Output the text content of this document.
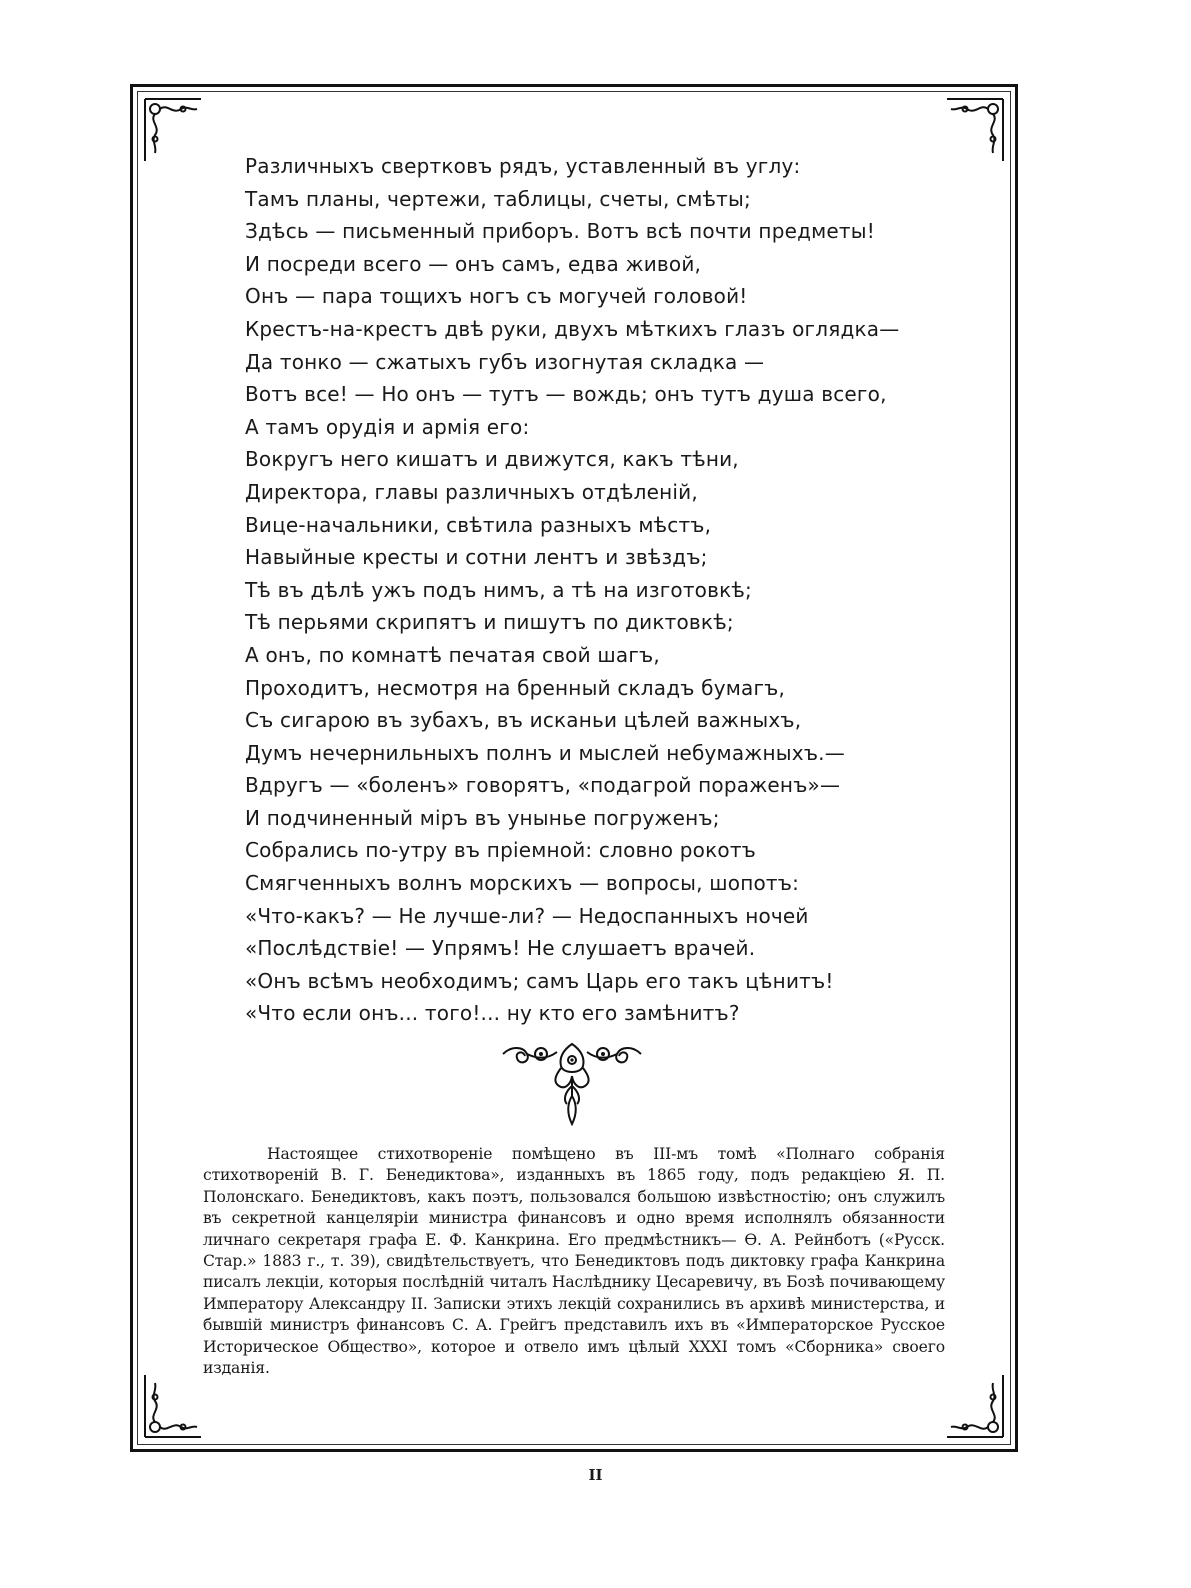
Различныхъ свертковъ рядъ, уставленный въ углу:
Тамъ планы, чертежи, таблицы, счеты, смѣты;
Здѣсь — письменный приборъ. Вотъ всѣ почти предметы!
И посреди всего — онъ самъ, едва живой,
Онъ — пара тощихъ ногъ съ могучей головой!
Крестъ-на-крестъ двѣ руки, двухъ мѣткихъ глазъ оглядка—
Да тонко — сжатыхъ губъ изогнутая складка —
Вотъ все! — Но онъ — тутъ — вождь; онъ тутъ душа всего,
А тамъ орудія и армія его:
Вокругъ него кишатъ и движутся, какъ тѣни,
Директора, главы различныхъ отдѣленій,
Вице-начальники, свѣтила разныхъ мѣстъ,
Навыйные кресты и сотни лентъ и звѣздъ;
Тѣ въ дѣлѣ ужъ подъ нимъ, а тѣ на изготовкѣ;
Тѣ перьями скрипятъ и пишутъ по диктовкѣ;
А онъ, по комнатѣ печатая свой шагъ,
Проходитъ, несмотря на бренный складъ бумагъ,
Съ сигарою въ зубахъ, въ исканьи цѣлей важныхъ,
Думъ нечернильныхъ полнъ и мыслей небумажныхъ.—
Вдругъ — «боленъ» говорятъ, «подагрой пораженъ»—
И подчиненный міръ въ уныньe погруженъ;
Собрались по-утру въ пріемной: словно рокотъ
Смягченныхъ волнъ морскихъ — вопросы, шопотъ:
«Что-какъ? — Не лучше-ли? — Недоспанныхъ ночей
«Послѣдствіе! — Упрямъ! Не слушаетъ врачей.
«Онъ всѣмъ необходимъ; самъ Царь его такъ цѣнитъ!
«Что если онъ... того!... ну кто его замѣнитъ?

Настоящее стихотвореніе помѣщено въ III-мъ томѣ «Полнаго собранія стихотвореній В. Г. Бенедиктова», изданныхъ въ 1865 году, подъ редакціею Я. П. Полонскаго. Бенедиктовъ, какъ поэтъ, пользовался большою извѣстностію; онъ служилъ въ секретной канцеляріи министра финансовъ и одно время исполнялъ обязанности личнаго секретаря графа Е. Ф. Канкрина. Его предмѣстникъ— Ѳ. А. Рейнботъ («Русск. Стар.» 1883 г., т. 39), свидѣтельствуетъ, что Бенедиктовъ подъ диктовку графа Канкрина писалъ лекціи, которыя послѣдній читалъ Наслѣднику Цесаревичу, въ Бозѣ почивающему Императору Александру II. Записки этихъ лекцій сохранились въ архивѣ министерства, и бывшій министръ финансовъ С. А. Грейгъ представилъ ихъ въ «Императорское Русское Историческое Общество», которое и отвело имъ цѣлый XXXI томъ «Сборника» своего изданія.

II
